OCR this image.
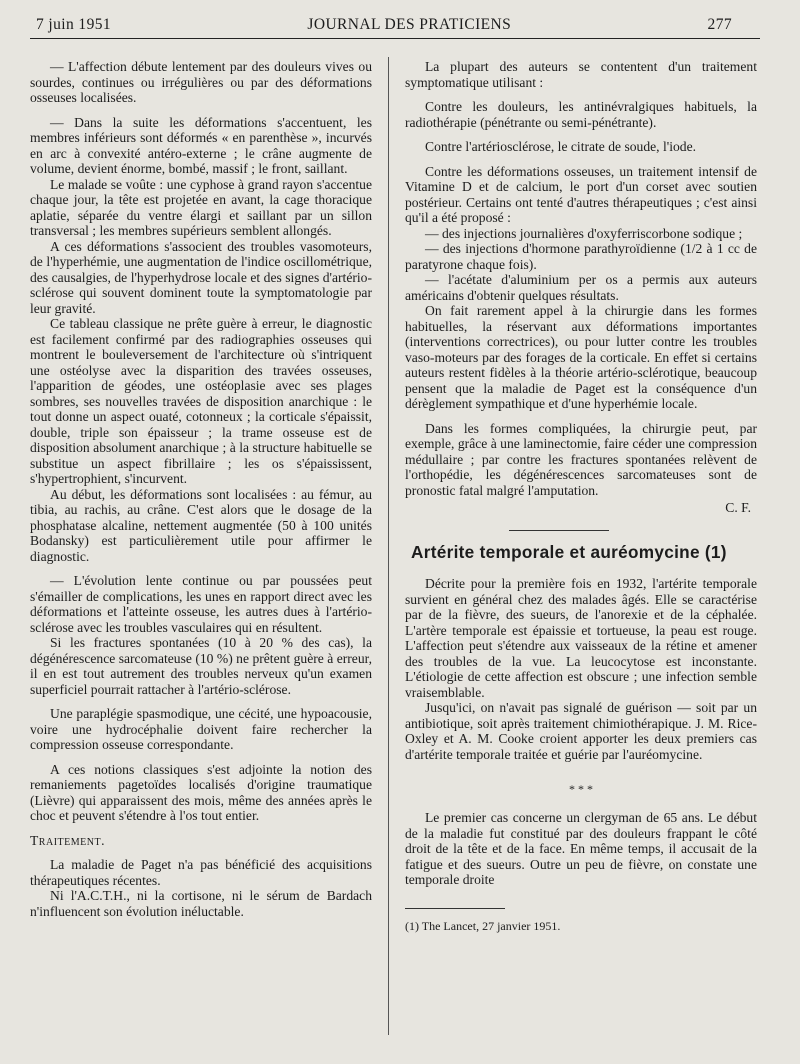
7 juin 1951	JOURNAL DES PRATICIENS	277

— L'affection débute lentement par des douleurs vives ou sourdes, continues ou irrégulières ou par des déformations osseuses localisées.

— Dans la suite les déformations s'accentuent, les membres inférieurs sont déformés « en parenthèse », incurvés en arc à convexité antéro-externe ; le crâne augmente de volume, devient énorme, bombé, massif ; le front, saillant.

Le malade se voûte : une cyphose à grand rayon s'accentue chaque jour, la tête est projetée en avant, la cage thoracique aplatie, séparée du ventre élargi et saillant par un sillon transversal ; les membres supérieurs semblent allongés.

A ces déformations s'associent des troubles vasomoteurs, de l'hyperhémie, une augmentation de l'indice oscillométrique, des causalgies, de l'hyperhydrose locale et des signes d'artério-sclérose qui souvent dominent toute la symptomatologie par leur gravité.

Ce tableau classique ne prête guère à erreur, le diagnostic est facilement confirmé par des radiographies osseuses qui montrent le bouleversement de l'architecture où s'intriquent une ostéolyse avec la disparition des travées osseuses, l'apparition de géodes, une ostéoplasie avec ses plages sombres, ses nouvelles travées de disposition anarchique : le tout donne un aspect ouaté, cotonneux ; la corticale s'épaissit, double, triple son épaisseur ; la trame osseuse est de disposition absolument anarchique ; à la structure habituelle se substitue un aspect fibrillaire ; les os s'épaississent, s'hypertrophient, s'incurvent.

Au début, les déformations sont localisées : au fémur, au tibia, au rachis, au crâne. C'est alors que le dosage de la phosphatase alcaline, nettement augmentée (50 à 100 unités Bodansky) est particulièrement utile pour affirmer le diagnostic.

— L'évolution lente continue ou par poussées peut s'émailler de complications, les unes en rapport direct avec les déformations et l'atteinte osseuse, les autres dues à l'artério-sclérose avec les troubles vasculaires qui en résultent.

Si les fractures spontanées (10 à 20 % des cas), la dégénérescence sarcomateuse (10 %) ne prêtent guère à erreur, il en est tout autrement des troubles nerveux qu'un examen superficiel pourrait rattacher à l'artério-sclérose.

Une paraplégie spasmodique, une cécité, une hypoacousie, voire une hydrocéphalie doivent faire rechercher la compression osseuse correspondante.

A ces notions classiques s'est adjointe la notion des remaniements pagetoïdes localisés d'origine traumatique (Lièvre) qui apparaissent des mois, même des années après le choc et peuvent s'étendre à l'os tout entier.

Traitement.

La maladie de Paget n'a pas bénéficié des acquisitions thérapeutiques récentes.

Ni l'A.C.T.H., ni la cortisone, ni le sérum de Bardach n'influencent son évolution inéluctable.

La plupart des auteurs se contentent d'un traitement symptomatique utilisant :

Contre les douleurs, les antinévralgiques habituels, la radiothérapie (pénétrante ou semi-pénétrante).

Contre l'artériosclérose, le citrate de soude, l'iode.

Contre les déformations osseuses, un traitement intensif de Vitamine D et de calcium, le port d'un corset avec soutien postérieur. Certains ont tenté d'autres thérapeutiques ; c'est ainsi qu'il a été proposé :

— des injections journalières d'oxyferriscorbone sodique ;

— des injections d'hormone parathyroïdienne (1/2 à 1 cc de paratyrone chaque fois).

— l'acétate d'aluminium per os a permis aux auteurs américains d'obtenir quelques résultats.

On fait rarement appel à la chirurgie dans les formes habituelles, la réservant aux déformations importantes (interventions correctrices), ou pour lutter contre les troubles vaso-moteurs par des forages de la corticale. En effet si certains auteurs restent fidèles à la théorie artério-sclérotique, beaucoup pensent que la maladie de Paget est la conséquence d'un dérèglement sympathique et d'une hyperhémie locale.

Dans les formes compliquées, la chirurgie peut, par exemple, grâce à une laminectomie, faire céder une compression médullaire ; par contre les fractures spontanées relèvent de l'orthopédie, les dégénérescences sarcomateuses sont de pronostic fatal malgré l'amputation.

C. F.
Artérite temporale et auréomycine (1)

Décrite pour la première fois en 1932, l'artérite temporale survient en général chez des malades âgés. Elle se caractérise par de la fièvre, des sueurs, de l'anorexie et de la céphalée. L'artère temporale est épaissie et tortueuse, la peau est rouge. L'affection peut s'étendre aux vaisseaux de la rétine et amener des troubles de la vue. La leucocytose est inconstante. L'étiologie de cette affection est obscure ; une infection semble vraisemblable.

Jusqu'ici, on n'avait pas signalé de guérison — soit par un antibiotique, soit après traitement chimiothérapique. J. M. Rice-Oxley et A. M. Cooke croient apporter les deux premiers cas d'artérite temporale traitée et guérie par l'auréomycine.

* * *

Le premier cas concerne un clergyman de 65 ans. Le début de la maladie fut constitué par des douleurs frappant le côté droit de la tête et de la face. En même temps, il accusait de la fatigue et des sueurs. Outre un peu de fièvre, on constate une temporale droite

(1) The Lancet, 27 janvier 1951.
